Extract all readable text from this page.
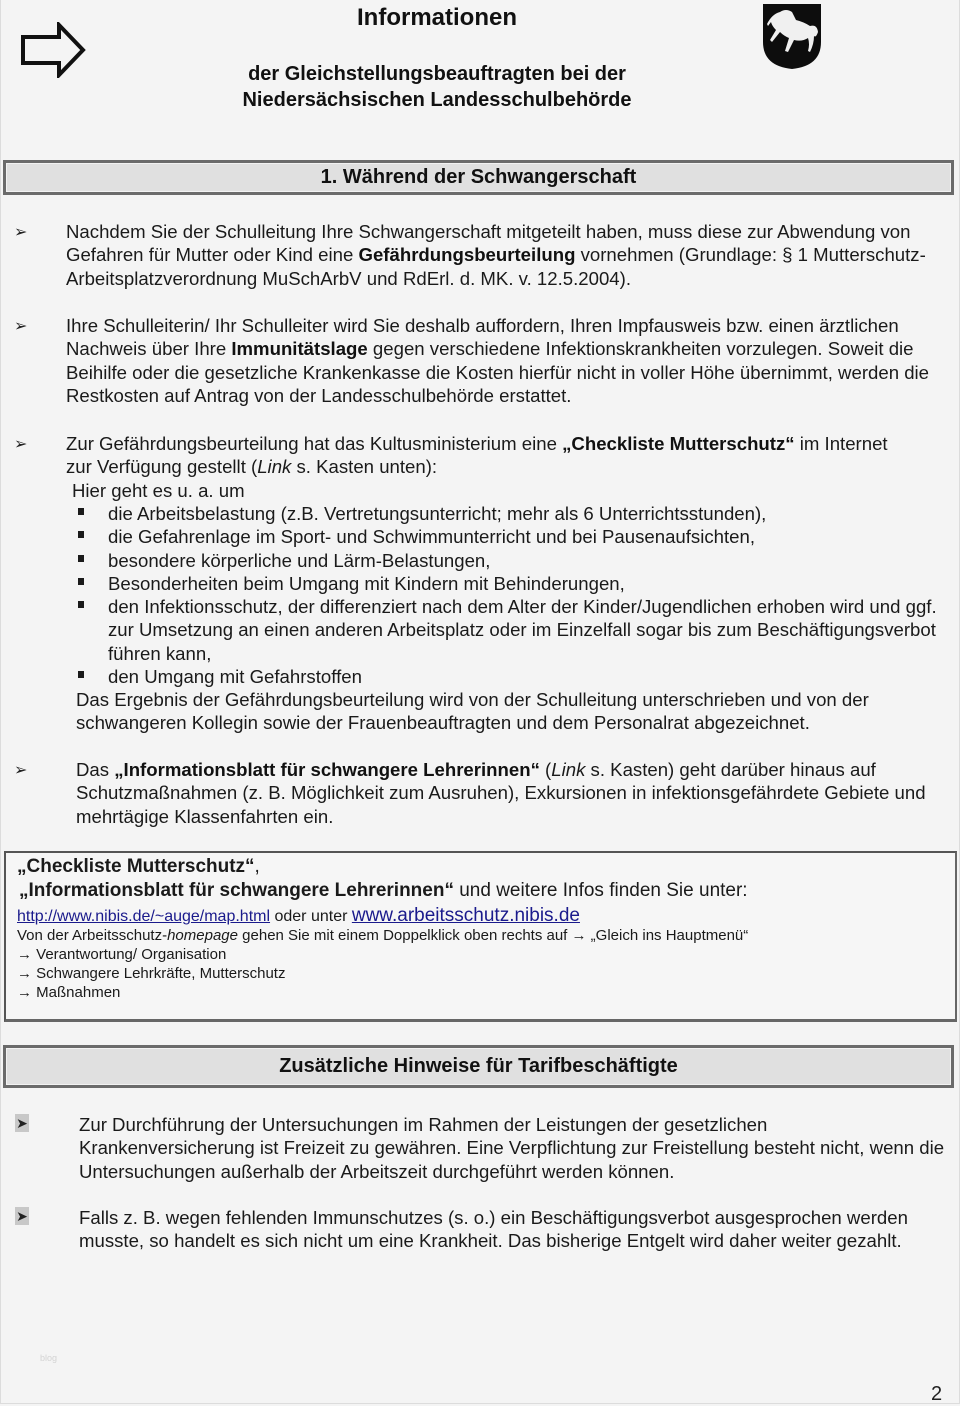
Informationen
der Gleichstellungsbeauftragten bei der
Niedersächsischen Landesschulbehörde
1. Während der Schwangerschaft
➢ Nachdem Sie der Schulleitung Ihre Schwangerschaft mitgeteilt haben, muss diese zur Abwendung von Gefahren für Mutter oder Kind eine Gefährdungsbeurteilung vornehmen (Grundlage: § 1 Mutterschutz-Arbeitsplatzverordnung MuSchArbV und RdErl. d. MK. v. 12.5.2004).
➢ Ihre Schulleiterin/ Ihr Schulleiter wird Sie deshalb auffordern, Ihren Impfausweis bzw. einen ärztlichen Nachweis über Ihre Immunitätslage gegen verschiedene Infektionskrankheiten vorzulegen. Soweit die Beihilfe oder die gesetzliche Krankenkasse die Kosten hierfür nicht in voller Höhe übernimmt, werden die Restkosten auf Antrag von der Landesschulbehörde erstattet.
➢ Zur Gefährdungsbeurteilung hat das Kultusministerium eine „Checkliste Mutterschutz“ im Internet zur Verfügung gestellt (Link s. Kasten unten):
Hier geht es u. a. um
die Arbeitsbelastung (z.B. Vertretungsunterricht; mehr als 6 Unterrichtsstunden),
die Gefahrenlage im Sport- und Schwimmunterricht und bei Pausenaufsichten,
besondere körperliche und Lärm-Belastungen,
Besonderheiten beim Umgang mit Kindern mit Behinderungen,
den Infektionsschutz, der differenziert nach dem Alter der Kinder/Jugendlichen erhoben wird und ggf. zur Umsetzung an einen anderen Arbeitsplatz oder im Einzelfall sogar bis zum Beschäftigungsverbot führen kann,
den Umgang mit Gefahrstoffen
Das Ergebnis der Gefährdungsbeurteilung wird von der Schulleitung unterschrieben und von der schwangeren Kollegin sowie der Frauenbeauftragten und dem Personalrat abgezeichnet.
➢	Das „Informationsblatt für schwangere Lehrerinnen“ (Link s. Kasten) geht darüber hinaus auf Schutzmaßnahmen (z. B. Möglichkeit zum Ausruhen), Exkursionen in infektionsgefährdete Gebiete und mehrtägige Klassenfahrten ein.
„Checkliste Mutterschutz“,
„Informationsblatt für schwangere Lehrerinnen“ und weitere Infos finden Sie unter:
http://www.nibis.de/~auge/map.html oder unter www.arbeitsschutz.nibis.de
Von der Arbeitsschutz-homepage gehen Sie mit einem Doppelklick oben rechts auf → „Gleich ins Hauptmenü“
→ Verantwortung/ Organisation
→ Schwangere Lehrkräfte, Mutterschutz
→ Maßnahmen
Zusätzliche Hinweise für Tarifbeschäftigte
➤	Zur Durchführung der Untersuchungen im Rahmen der Leistungen der gesetzlichen Krankenversicherung ist Freizeit zu gewähren. Eine Verpflichtung zur Freistellung besteht nicht, wenn die Untersuchungen außerhalb der Arbeitszeit durchgeführt werden können.
➤	Falls z. B. wegen fehlenden Immunschutzes (s. o.) ein Beschäftigungsverbot ausgesprochen werden musste, so handelt es sich nicht um eine Krankheit. Das bisherige Entgelt wird daher weiter gezahlt.
blog
2
